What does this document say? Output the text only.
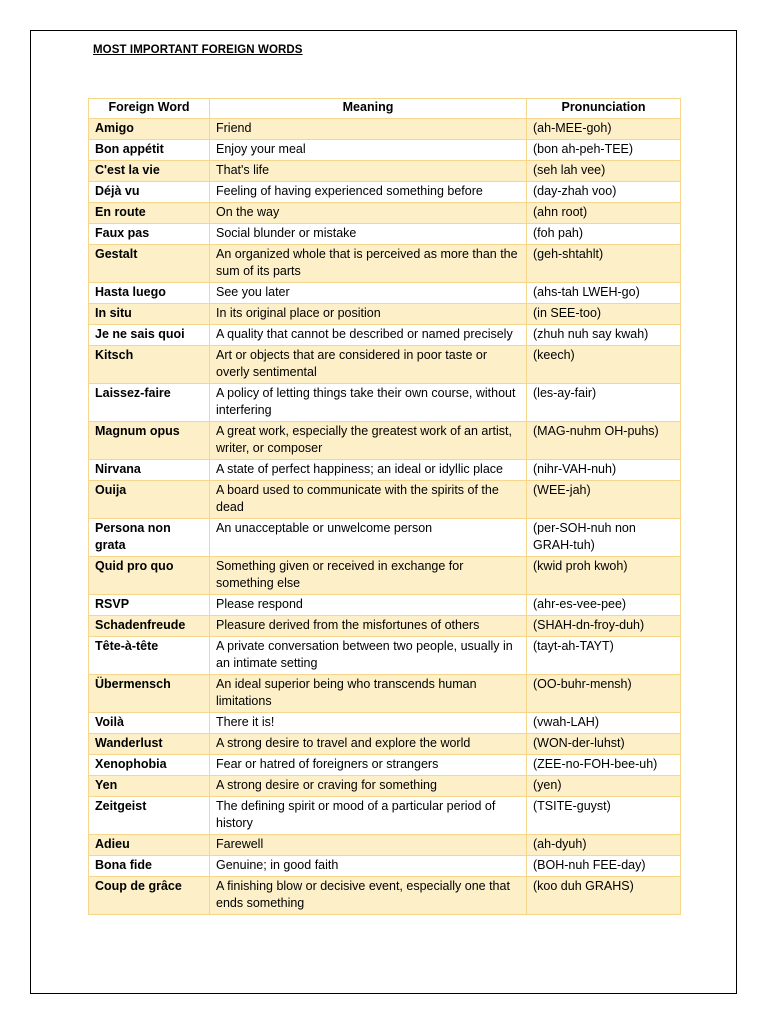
MOST IMPORTANT FOREIGN WORDS
Foreign Word	Meaning	Pronunciation
Amigo	Friend	(ah-MEE-goh)
Bon appétit	Enjoy your meal	(bon ah-peh-TEE)
C'est la vie	That's life	(seh lah vee)
Déjà vu	Feeling of having experienced something before	(day-zhah voo)
En route	On the way	(ahn root)
Faux pas	Social blunder or mistake	(foh pah)
Gestalt	An organized whole that is perceived as more than the sum of its parts	(geh-shtahlt)
Hasta luego	See you later	(ahs-tah LWEH-go)
In situ	In its original place or position	(in SEE-too)
Je ne sais quoi	A quality that cannot be described or named precisely	(zhuh nuh say kwah)
Kitsch	Art or objects that are considered in poor taste or overly sentimental	(keech)
Laissez-faire	A policy of letting things take their own course, without interfering	(les-ay-fair)
Magnum opus	A great work, especially the greatest work of an artist, writer, or composer	(MAG-nuhm OH-puhs)
Nirvana	A state of perfect happiness; an ideal or idyllic place	(nihr-VAH-nuh)
Ouija	A board used to communicate with the spirits of the dead	(WEE-jah)
Persona non grata	An unacceptable or unwelcome person	(per-SOH-nuh non GRAH-tuh)
Quid pro quo	Something given or received in exchange for something else	(kwid proh kwoh)
RSVP	Please respond	(ahr-es-vee-pee)
Schadenfreude	Pleasure derived from the misfortunes of others	(SHAH-dn-froy-duh)
Tête-à-tête	A private conversation between two people, usually in an intimate setting	(tayt-ah-TAYT)
Übermensch	An ideal superior being who transcends human limitations	(OO-buhr-mensh)
Voilà	There it is!	(vwah-LAH)
Wanderlust	A strong desire to travel and explore the world	(WON-der-luhst)
Xenophobia	Fear or hatred of foreigners or strangers	(ZEE-no-FOH-bee-uh)
Yen	A strong desire or craving for something	(yen)
Zeitgeist	The defining spirit or mood of a particular period of history	(TSITE-guyst)
Adieu	Farewell	(ah-dyuh)
Bona fide	Genuine; in good faith	(BOH-nuh FEE-day)
Coup de grâce	A finishing blow or decisive event, especially one that ends something	(koo duh GRAHS)
